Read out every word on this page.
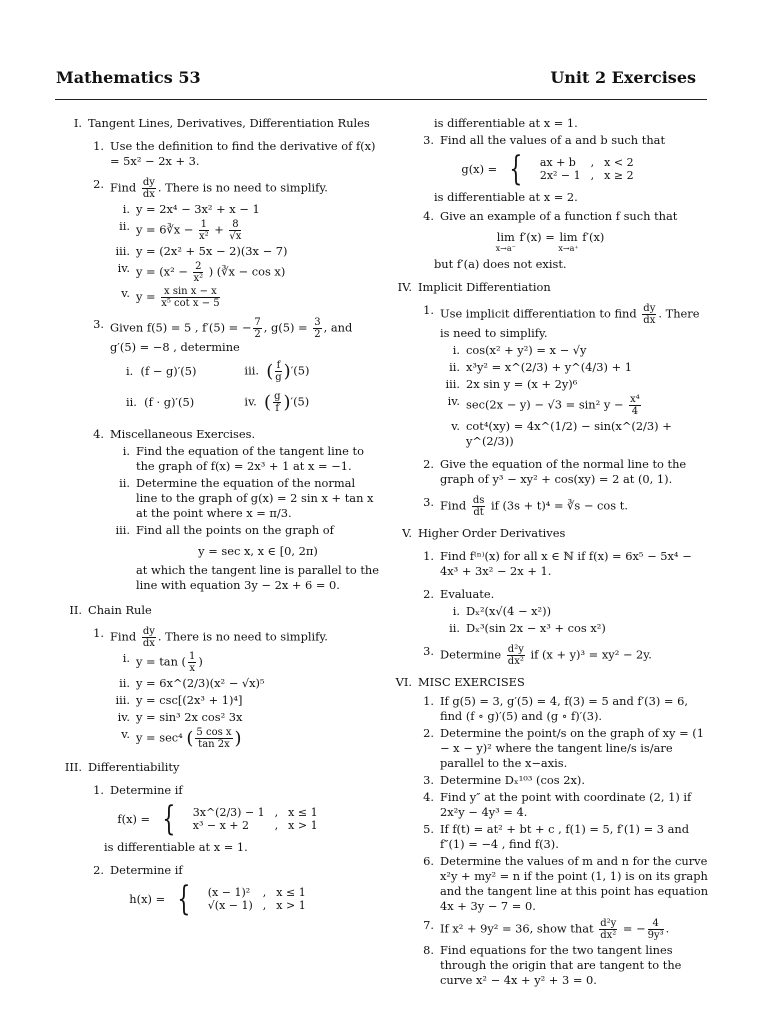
Mathematics 53	Unit 2 Exercises
I. Tangent Lines, Derivatives, Differentiation Rules
1. Use the definition to find the derivative of f(x) = 5x² − 2x + 3.
2. Find $\frac{dy}{dx}$ . There is no need to simplify.
i. y = 2x⁴ − 3x² + x − 1
ii. y = 6∛x − $\frac{1}{\text{x²}} + \frac{8}{√x}$
iii. y = (2x² + 5x − 2)(3x − 7)
iv. $y = (x^2 - \frac{2}{\text{x²}}$ ) (∛x − cos x)
v. $y = \frac{\text{x sin x − x}}{\text{x⁵ cot x − 5}}$
3. Given f(5) = 5 , f′(5) = − $\frac{7}{2}$ , $g(5) = \frac{3}{2}$ , and g′(5) = −8 , determine
i. (f − g)′(5)	iii. ( $\frac{f}{g} )'(5)$
ii. (f · g)′(5)	iv. ( $\frac{g}{f} )'(5)$
4. Miscellaneous Exercises.
i. Find the equation of the tangent line to the graph of f(x) = 2x³ + 1 at x = −1.
ii. Determine the equation of the normal line to the graph of g(x) = 2 sin x + tan x at the point where x = π/3.
iii. Find all the points on the graph of
y = sec x, x ∈ [0, 2π)
at which the tangent line is parallel to the line with equation 3y − 2x + 6 = 0.
II. Chain Rule
1. Find $\frac{dy}{dx}$ . There is no need to simplify.
i. y = tan ( $\frac{1}{x}$ )
ii. y = 6x^(2/3)(x² − √x)⁵
iii. y = csc[(2x³ + 1)⁴]
iv. y = sin³ 2x cos² 3x
v. y = sec⁴ ( $\frac{\text{5 cos x}}{\tan 2x}$ )
III. Differentiability
1. Determine if
f(x) = { 3x^(2/3) − 1	,	x ≤ 1
x³ − x + 2	,	x > 1
is differentiable at x = 1.
2. Determine if
h(x) = { (x − 1)²	,	x ≤ 1
√(x − 1)	,	x > 1
is differentiable at x = 1.
3. Find all the values of a and b such that
g(x) = { ax + b	,	x < 2
2x² − 1	,	x ≥ 2
is differentiable at x = 2.
4. Give an example of a function f such that
lim
x→a⁻
f′(x) = lim
x→a⁺
f′(x)
but f′(a) does not exist.
IV. Implicit Differentiation
1. Use implicit differentiation to find $\frac{dy}{dx}$ . There is need to simplify.
i. cos(x² + y²) = x − √y
ii. x³y² = x^(2/3) + y^(4/3) + 1
iii. 2x sin y = (x + 2y)⁶
iv. sec(2x − y) − √3 = sin² $y - \frac{\text{x⁴}}{4}$
v. cot⁴(xy) = 4x^(1/2) − sin(x^(2/3) + y^(2/3))
2. Give the equation of the normal line to the graph of y³ − xy² + cos(xy) = 2 at (0, 1).
3. Find $\frac{ds}{dt}$ if (3s + t)⁴ = ∛s − cos t.
V. Higher Order Derivatives
1. Find f⁽ⁿ⁾(x) for all x ∈ ℕ if f(x) = 6x⁵ − 5x⁴ − 4x³ + 3x² − 2x + 1.
2. Evaluate.
i. Dₓ²(x√(4 − x²))
ii. Dₓ³(sin 2x − x³ + cos x²)
3. Determine $\frac{\text{d²y}}{\text{dx²}}$ if (x + y)³ = xy² − 2y.
VI. MISC EXERCISES
1. If g(5) = 3, g′(5) = 4, f(3) = 5 and f′(3) = 6, find (f ∘ g)′(5) and (g ∘ f)′(3).
2. Determine the point/s on the graph of xy = (1 − x − y)² where the tangent line/s is/are parallel to the x−axis.
3. Determine Dₓ¹⁰³ (cos 2x).
4. Find y″ at the point with coordinate (2, 1) if 2x²y − 4y³ = 4.
5. If f(t) = at² + bt + c , f(1) = 5, f′(1) = 3 and f″(1) = −4 , find f(3).
6. Determine the values of m and n for the curve x²y + my² = n if the point (1, 1) is on its graph and the tangent line at this point has equation 4x + 3y − 7 = 0.
7. If x² + 9y² = 36, show that $\frac{\text{d²y}}{\text{dx²}}$ = − $\frac{4}{\text{9y³}}$ .
8. Find equations for the two tangent lines through the origin that are tangent to the curve x² − 4x + y² + 3 = 0.
